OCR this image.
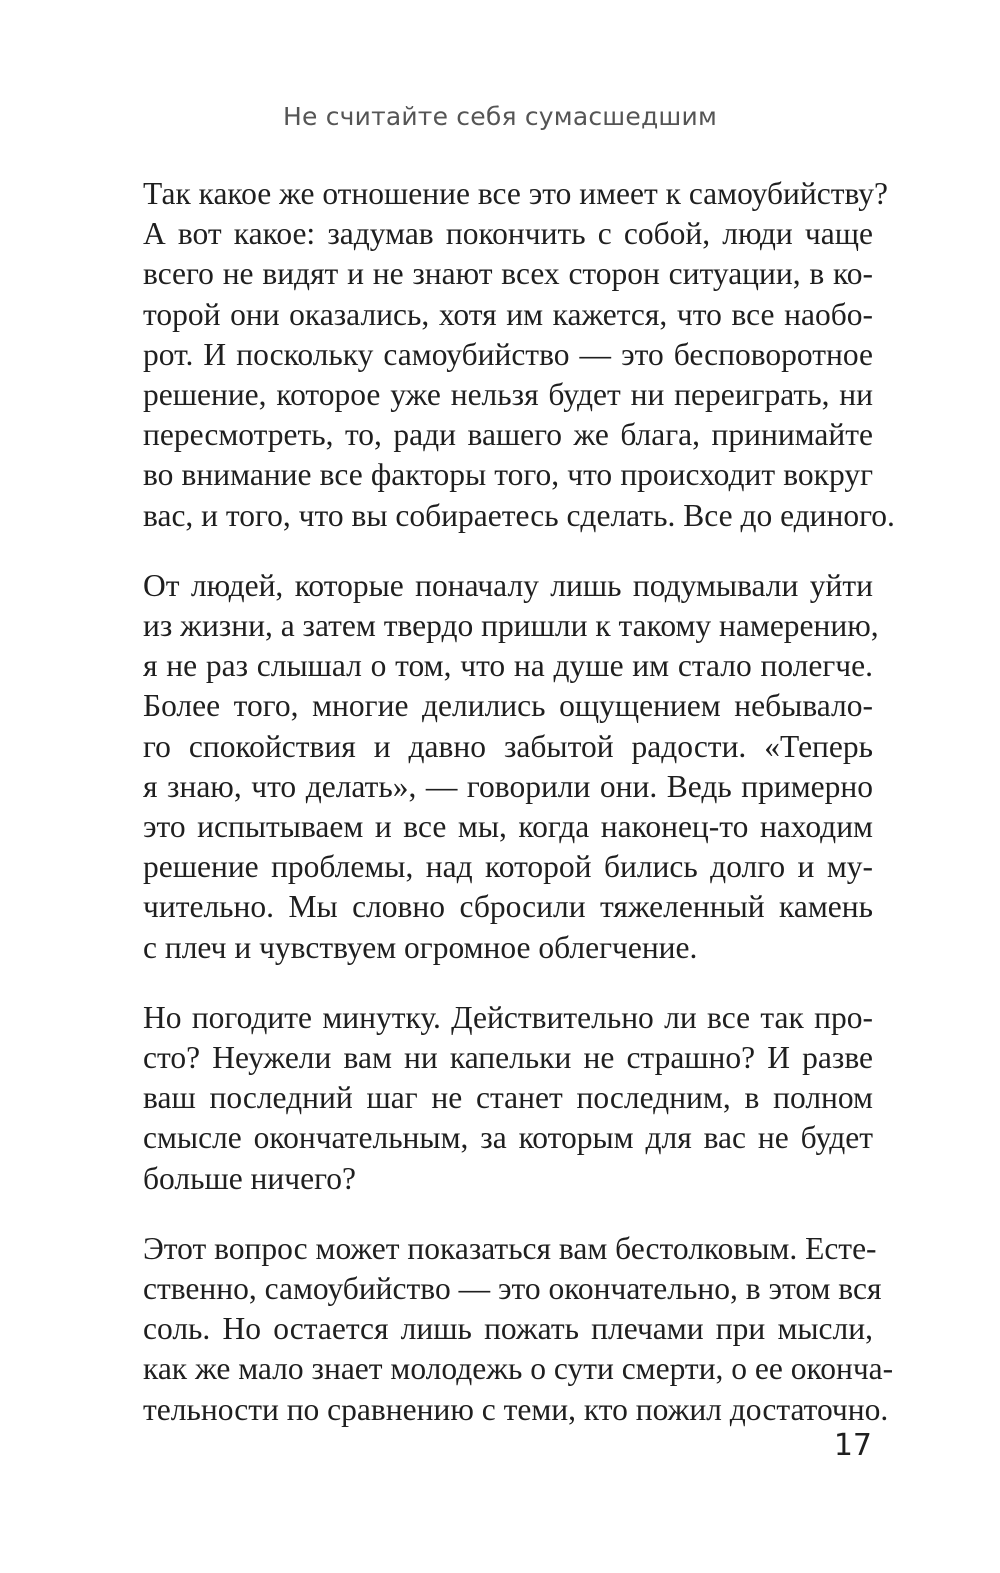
Не считайте себя сумасшедшим

Так какое же отношение все это имеет к самоубийству?
А вот какое: задумав покончить с собой, люди чаще
всего не видят и не знают всех сторон ситуации, в ко-
торой они оказались, хотя им кажется, что все наобо-
рот. И поскольку самоубийство — это бесповоротное
решение, которое уже нельзя будет ни переиграть, ни
пересмотреть, то, ради вашего же блага, принимайте
во внимание все факторы того, что происходит вокруг
вас, и того, что вы собираетесь сделать. Все до единого.

От людей, которые поначалу лишь подумывали уйти
из жизни, а затем твердо пришли к такому намерению,
я не раз слышал о том, что на душе им стало полегче.
Более того, многие делились ощущением небывало-
го спокойствия и давно забытой радости. «Теперь
я знаю, что делать», — говорили они. Ведь примерно
это испытываем и все мы, когда наконец-то находим
решение проблемы, над которой бились долго и му-
чительно. Мы словно сбросили тяжеленный камень
с плеч и чувствуем огромное облегчение.

Но погодите минутку. Действительно ли все так про-
сто? Неужели вам ни капельки не страшно? И разве
ваш последний шаг не станет последним, в полном
смысле окончательным, за которым для вас не будет
больше ничего?

Этот вопрос может показаться вам бестолковым. Есте-
ственно, самоубийство — это окончательно, в этом вся
соль. Но остается лишь пожать плечами при мысли,
как же мало знает молодежь о сути смерти, о ее оконча-
тельности по сравнению с теми, кто пожил достаточно.

17
